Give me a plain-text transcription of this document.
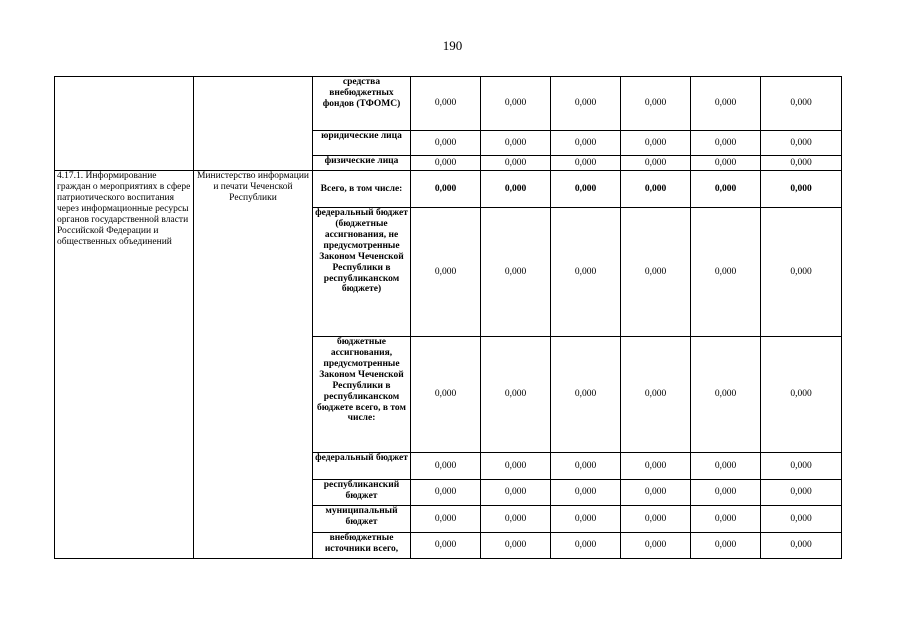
190
		средства внебюджетных фондов (ТФОМС)	0,000	0,000	0,000	0,000	0,000	0,000
		юридические лица	0,000	0,000	0,000	0,000	0,000	0,000
		физические лица	0,000	0,000	0,000	0,000	0,000	0,000
4.17.1. Информирование граждан о мероприятиях в сфере патриотического воспитания через информационные ресурсы органов государственной власти Российской Федерации и общественных объединений	Министерство информации и печати Чеченской Республики	Всего, в том числе:	0,000	0,000	0,000	0,000	0,000	0,000
		федеральный бюджет (бюджетные ассигнования, не предусмотренные Законом Чеченской Республики в республиканском бюджете)	0,000	0,000	0,000	0,000	0,000	0,000
		бюджетные ассигнования, предусмотренные Законом Чеченской Республики в республиканском бюджете всего, в том числе:	0,000	0,000	0,000	0,000	0,000	0,000
		федеральный бюджет	0,000	0,000	0,000	0,000	0,000	0,000
		республиканский бюджет	0,000	0,000	0,000	0,000	0,000	0,000
		муниципальный бюджет	0,000	0,000	0,000	0,000	0,000	0,000
		внебюджетные источники всего,	0,000	0,000	0,000	0,000	0,000	0,000
